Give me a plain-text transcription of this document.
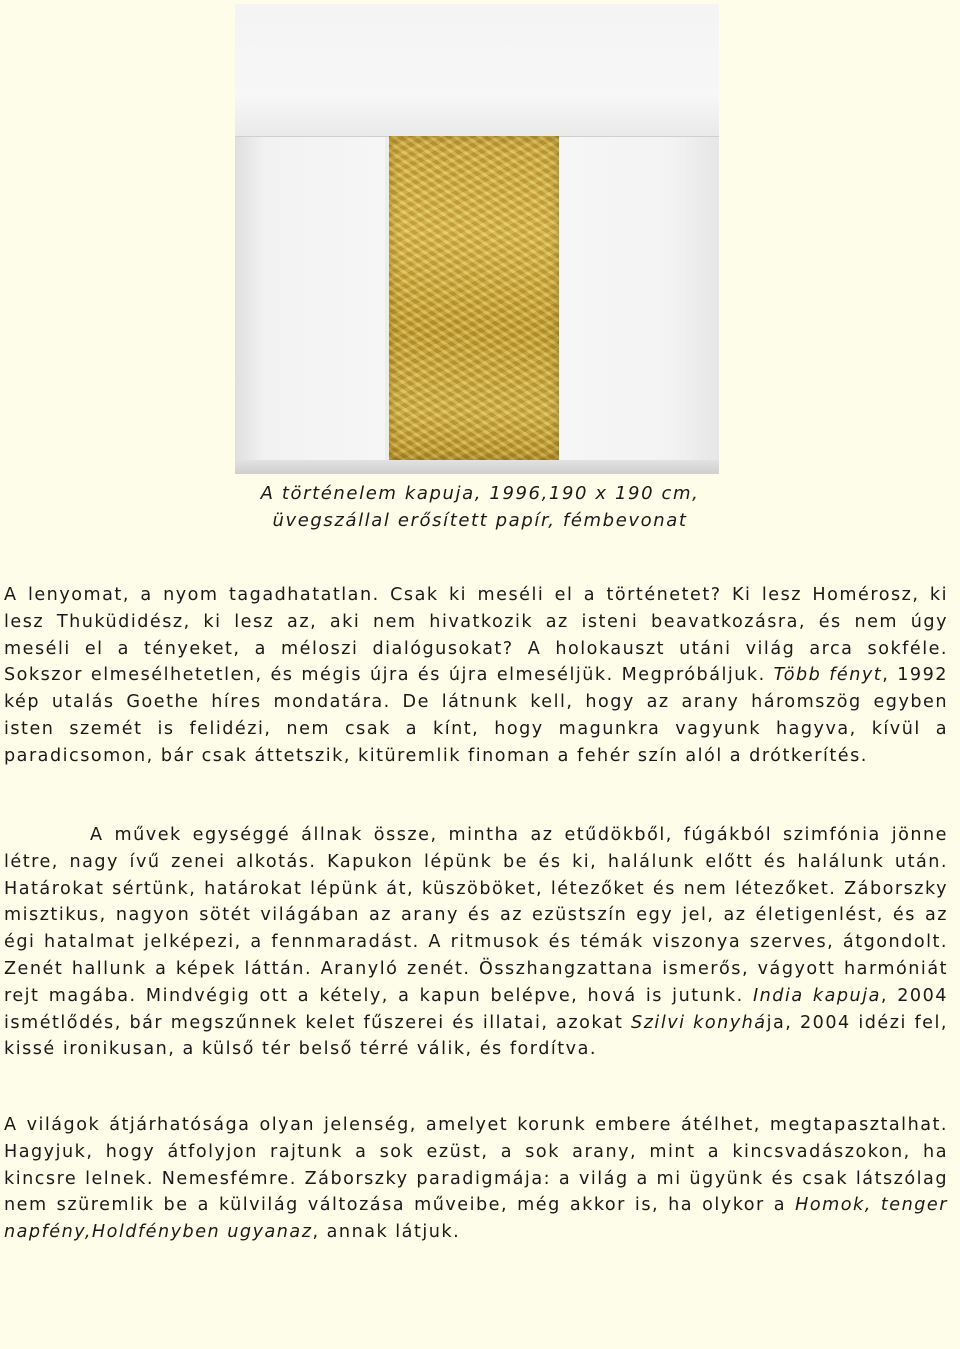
A történelem kapuja, 1996,190 x 190 cm,
üvegszállal erősített papír, fémbevonat

A lenyomat, a nyom tagadhatatlan. Csak ki meséli el a történetet? Ki lesz Homérosz, ki lesz Thuküdidész, ki lesz az, aki nem hivatkozik az isteni beavatkozásra, és nem úgy meséli el a tényeket, a méloszi dialógusokat? A holokauszt utáni világ arca sokféle. Sokszor elmesélhetetlen, és mégis újra és újra elmeséljük. Megpróbáljuk. Több fényt, 1992 kép utalás Goethe híres mondatára. De látnunk kell, hogy az arany háromszög egyben isten szemét is felidézi, nem csak a kínt, hogy magunkra vagyunk hagyva, kívül a paradicsomon, bár csak áttetszik, kitüremlik finoman a fehér szín alól a drótkerítés.

A művek egységgé állnak össze, mintha az etűdökből, fúgákból szimfónia jönne létre, nagy ívű zenei alkotás. Kapukon lépünk be és ki, halálunk előtt és halálunk után. Határokat sértünk, határokat lépünk át, küszöböket, létezőket és nem létezőket. Záborszky misztikus, nagyon sötét világában az arany és az ezüstszín egy jel, az életigenlést, és az égi hatalmat jelképezi, a fennmaradást. A ritmusok és témák viszonya szerves, átgondolt. Zenét hallunk a képek láttán. Aranyló zenét. Összhangzattana ismerős, vágyott harmóniát rejt magába. Mindvégig ott a kétely, a kapun belépve, hová is jutunk. India kapuja, 2004 ismétlődés, bár megszűnnek kelet fűszerei és illatai, azokat Szilvi konyhája, 2004 idézi fel, kissé ironikusan, a külső tér belső térré válik, és fordítva.

A világok átjárhatósága olyan jelenség, amelyet korunk embere átélhet, megtapasztalhat. Hagyjuk, hogy átfolyjon rajtunk a sok ezüst, a sok arany, mint a kincsvadászokon, ha kincsre lelnek. Nemesfémre. Záborszky paradigmája: a világ a mi ügyünk és csak látszólag nem szüremlik be a külvilág változása műveibe, még akkor is, ha olykor a Homok, tenger napfény,Holdfényben ugyanaz, annak látjuk.
